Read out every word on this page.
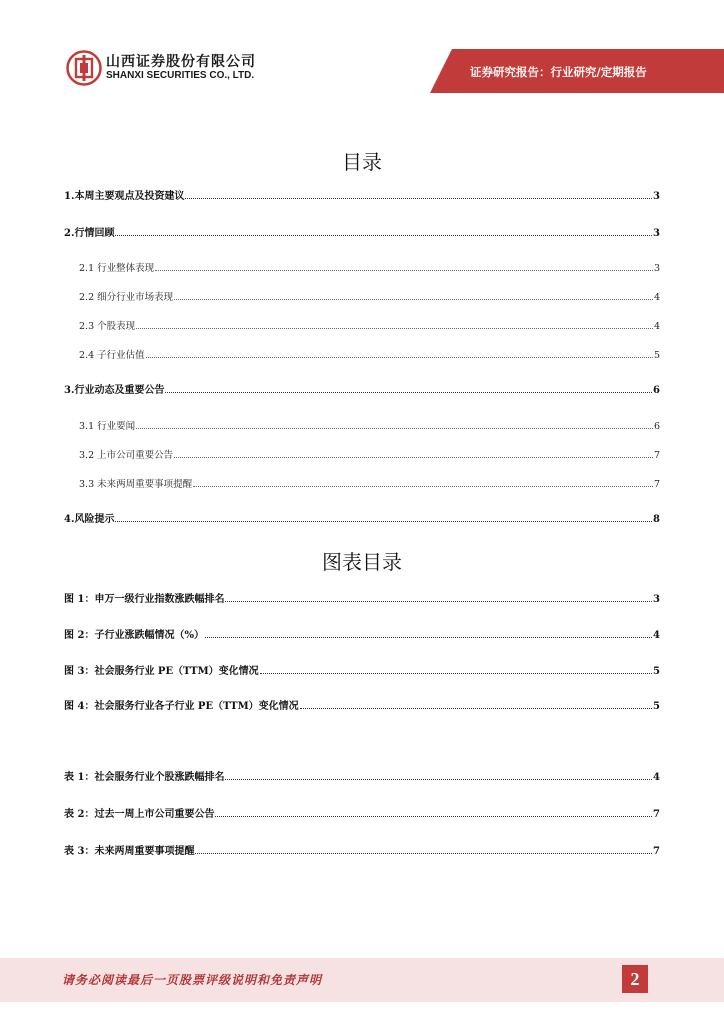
山西证券股份有限公司
SHANXI SECURITIES CO., LTD.	证券研究报告：行业研究/定期报告
目录
1.本周主要观点及投资建议	3
2.行情回顾	3
2.1 行业整体表现	3
2.2 细分行业市场表现	4
2.3 个股表现	4
2.4 子行业估值	5
3.行业动态及重要公告	6
3.1 行业要闻	6
3.2 上市公司重要公告	7
3.3 未来两周重要事项提醒	7
4.风险提示	8
图表目录
图 1：申万一级行业指数涨跌幅排名	3
图 2：子行业涨跌幅情况（%）	4
图 3：社会服务行业 PE（TTM）变化情况	5
图 4：社会服务行业各子行业 PE（TTM）变化情况	5
表 1：社会服务行业个股涨跌幅排名	4
表 2：过去一周上市公司重要公告	7
表 3：未来两周重要事项提醒	7
请务必阅读最后一页股票评级说明和免责声明	2
